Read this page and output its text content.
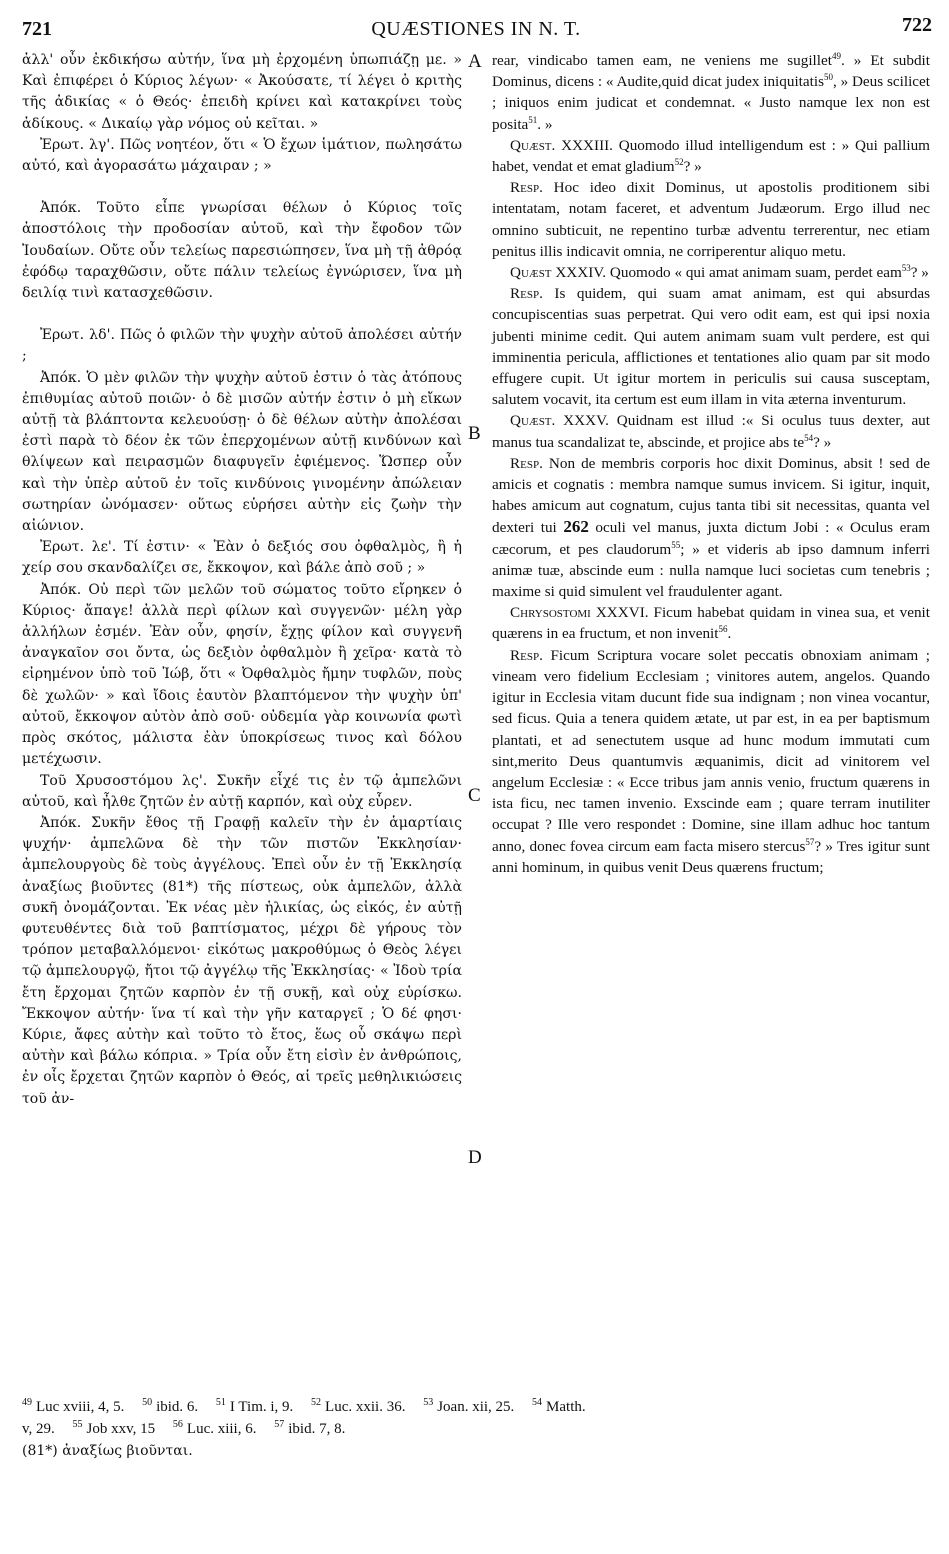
721	QUÆSTIONES IN N. T.	722

ἀλλ' οὖν ἐκδικήσω αὐτήν, ἵνα μὴ ἐρχομένη ὑπωπιάζῃ με. » Καὶ ἐπιφέρει ὁ Κύριος λέγων· « Ἀκούσατε, τί λέγει ὁ κριτὴς τῆς ἀδικίας « ὁ Θεός· ἐπειδὴ κρίνει καὶ κατακρίνει τοὺς ἀδίκους. « Δικαίῳ γὰρ νόμος οὐ κεῖται. »

Ἐρωτ. λγ'. Πῶς νοητέον, ὅτι « Ὁ ἔχων ἱμάτιον, πωλησάτω αὐτό, καὶ ἀγορασάτω μάχαιραν ; »

Ἀπόκ. Τοῦτο εἶπε γνωρίσαι θέλων ὁ Κύριος τοῖς ἀποστόλοις τὴν προδοσίαν αὐτοῦ, καὶ τὴν ἔφοδον τῶν Ἰουδαίων. Οὔτε οὖν τελείως παρεσιώπησεν, ἵνα μὴ τῇ ἀθρόᾳ ἐφόδῳ ταραχθῶσιν, οὔτε πάλιν τελείως ἐγνώρισεν, ἵνα μὴ δειλίᾳ τινὶ κατασχεθῶσιν.

Ἐρωτ. λδ'. Πῶς ὁ φιλῶν τὴν ψυχὴν αὐτοῦ ἀπολέσει αὐτήν ;

Ἀπόκ. Ὁ μὲν φιλῶν τὴν ψυχὴν αὐτοῦ ἐστιν ὁ τὰς ἀτόπους ἐπιθυμίας αὐτοῦ ποιῶν· ὁ δὲ μισῶν αὐτήν ἐστιν ὁ μὴ εἴκων αὐτῇ τὰ βλάπτοντα κελευούσῃ· ὁ δὲ θέλων αὐτὴν ἀπολέσαι ἐστὶ παρὰ τὸ δέον ἐκ τῶν ἐπερχομένων αὐτῇ κινδύνων καὶ θλίψεων καὶ πειρασμῶν διαφυγεῖν ἐφιέμενος. Ὥσπερ οὖν καὶ τὴν ὑπὲρ αὐτοῦ ἐν τοῖς κινδύνοις γινομένην ἀπώλειαν σωτηρίαν ὠνόμασεν· οὕτως εὑρήσει αὐτὴν εἰς ζωὴν τὴν αἰώνιον.

Ἐρωτ. λε'. Τί ἐστιν· « Ἐὰν ὁ δεξιός σου ὀφθαλμὸς, ἢ ἡ χείρ σου σκανδαλίζει σε, ἔκκοψον, καὶ βάλε ἀπὸ σοῦ ; »

Ἀπόκ. Οὐ περὶ τῶν μελῶν τοῦ σώματος τοῦτο εἴρηκεν ὁ Κύριος· ἄπαγε! ἀλλὰ περὶ φίλων καὶ συγγενῶν· μέλη γὰρ ἀλλήλων ἐσμέν. Ἐὰν οὖν, φησίν, ἔχῃς φίλον καὶ συγγενῆ ἀναγκαῖον σοι ὄντα, ὡς δεξιὸν ὀφθαλμὸν ἢ χεῖρα· κατὰ τὸ εἰρημένον ὑπὸ τοῦ Ἰώβ, ὅτι « Ὀφθαλμὸς ἤμην τυφλῶν, ποὺς δὲ χωλῶν· » καὶ ἴδοις ἑαυτὸν βλαπτόμενον τὴν ψυχὴν ὑπ' αὐτοῦ, ἔκκοψον αὐτὸν ἀπὸ σοῦ· οὐδεμία γὰρ κοινωνία φωτὶ πρὸς σκότος, μάλιστα ἐὰν ὑποκρίσεως τινος καὶ δόλου μετέχωσιν.

Τοῦ Χρυσοστόμου λς'. Συκῆν εἶχέ τις ἐν τῷ ἀμπελῶνι αὐτοῦ, καὶ ἦλθε ζητῶν ἐν αὐτῇ καρπόν, καὶ οὐχ εὗρεν.

Ἀπόκ. Συκῆν ἔθος τῇ Γραφῇ καλεῖν τὴν ἐν ἁμαρτίαις ψυχήν· ἀμπελῶνα δὲ τὴν τῶν πιστῶν Ἐκκλησίαν· ἀμπελουργοὺς δὲ τοὺς ἀγγέλους. Ἐπεὶ οὖν ἐν τῇ Ἐκκλησίᾳ ἀναξίως βιοῦντες (81*) τῆς πίστεως, οὐκ ἀμπελῶν, ἀλλὰ συκῆ ὀνομάζονται. Ἐκ νέας μὲν ἡλικίας, ὡς εἰκός, ἐν αὐτῇ φυτευθέντες διὰ τοῦ βαπτίσματος, μέχρι δὲ γήρους τὸν τρόπον μεταβαλλόμενοι· εἰκότως μακροθύμως ὁ Θεὸς λέγει τῷ ἀμπελουργῷ, ἤτοι τῷ ἀγγέλῳ τῆς Ἐκκλησίας· « Ἰδοὺ τρία ἔτη ἔρχομαι ζητῶν καρπὸν ἐν τῇ συκῇ, καὶ οὐχ εὑρίσκω. Ἔκκοψον αὐτήν· ἵνα τί καὶ τὴν γῆν καταργεῖ ; Ὁ δέ φησι· Κύριε, ἄφες αὐτὴν καὶ τοῦτο τὸ ἔτος, ἕως οὗ σκάψω περὶ αὐτὴν καὶ βάλω κόπρια. » Τρία οὖν ἔτη εἰσὶν ἐν ἀνθρώποις, ἐν οἷς ἔρχεται ζητῶν καρπὸν ὁ Θεός, αἱ τρεῖς μεθηλικιώσεις τοῦ ἀν-

A
B
C
D

rear, vindicabo tamen eam, ne veniens me sugillet$^{49}$. » Et subdit Dominus, dicens : « Audite,quid dicat judex iniquitatis$^{50}$, » Deus scilicet ; iniquos enim judicat et condemnat. « Justo namque lex non est posita$^{51}$. »

Quæst. XXXIII. Quomodo illud intelligendum est : » Qui pallium habet, vendat et emat gladium$^{52}$? »

Resp. Hoc ideo dixit Dominus, ut apostolis proditionem sibi intentatam, notam faceret, et adventum Judæorum. Ergo illud nec omnino subticuit, ne repentino turbæ adventu terrerentur, nec etiam penitus illis indicavit omnia, ne corriperentur aliquo metu.

Quæst XXXIV. Quomodo « qui amat animam suam, perdet eam$^{53}$? »

Resp. Is quidem, qui suam amat animam, est qui absurdas concupiscentias suas perpetrat. Qui vero odit eam, est qui ipsi noxia jubenti minime cedit. Qui autem animam suam vult perdere, est qui imminentia pericula, afflictiones et tentationes alio quam par sit modo effugere cupit. Ut igitur mortem in periculis sui causa susceptam, salutem vocavit, ita certum est eum illam in vita æterna inventurum.

Quæst. XXXV. Quidnam est illud :« Si oculus tuus dexter, aut manus tua scandalizat te, abscinde, et projice abs te$^{54}$? »

Resp. Non de membris corporis hoc dixit Dominus, absit ! sed de amicis et cognatis : membra namque sumus invicem. Si igitur, inquit, habes amicum aut cognatum, cujus tanta tibi sit necessitas, quanta vel dexteri tui 262 oculi vel manus, juxta dictum Jobi : « Oculus eram cæcorum, et pes claudorum$^{55}$; » et videris ab ipso damnum inferri animæ tuæ, abscinde eum : nulla namque luci societas cum tenebris ; maxime si quid simulent vel fraudulenter agant.

Chrysostomi XXXVI. Ficum habebat quidam in vinea sua, et venit quærens in ea fructum, et non invenit$^{56}$.

Resp. Ficum Scriptura vocare solet peccatis obnoxiam animam ; vineam vero fidelium Ecclesiam ; vinitores autem, angelos. Quando igitur in Ecclesia vitam ducunt fide sua indignam ; non vinea vocantur, sed ficus. Quia a tenera quidem ætate, ut par est, in ea per baptismum plantati, et ad senectutem usque ad hunc modum immutati cum sint,merito Deus quantumvis æquanimis, dicit ad vinitorem vel angelum Ecclesiæ : « Ecce tribus jam annis venio, fructum quærens in ista ficu, nec tamen invenio. Exscinde eam ; quare terram inutiliter occupat ? Ille vero respondet : Domine, sine illam adhuc hoc tantum anno, donec fovea circum eam facta misero stercus$^{57}$? » Tres igitur sunt anni hominum, in quibus venit Deus quærens fructum;

$^{49}$ Luc xviii, 4, 5. $^{50}$ ibid. 6. $^{51}$ I Tim. i, 9. $^{52}$ Luc. xxii. 36. $^{53}$ Joan. xii, 25. $^{54}$ Matth.

v, 29. $^{55}$ Job xxv, 15 $^{56}$ Luc. xiii, 6. $^{57}$ ibid. 7, 8.

(81*) ἀναξίως βιοῦνται.
